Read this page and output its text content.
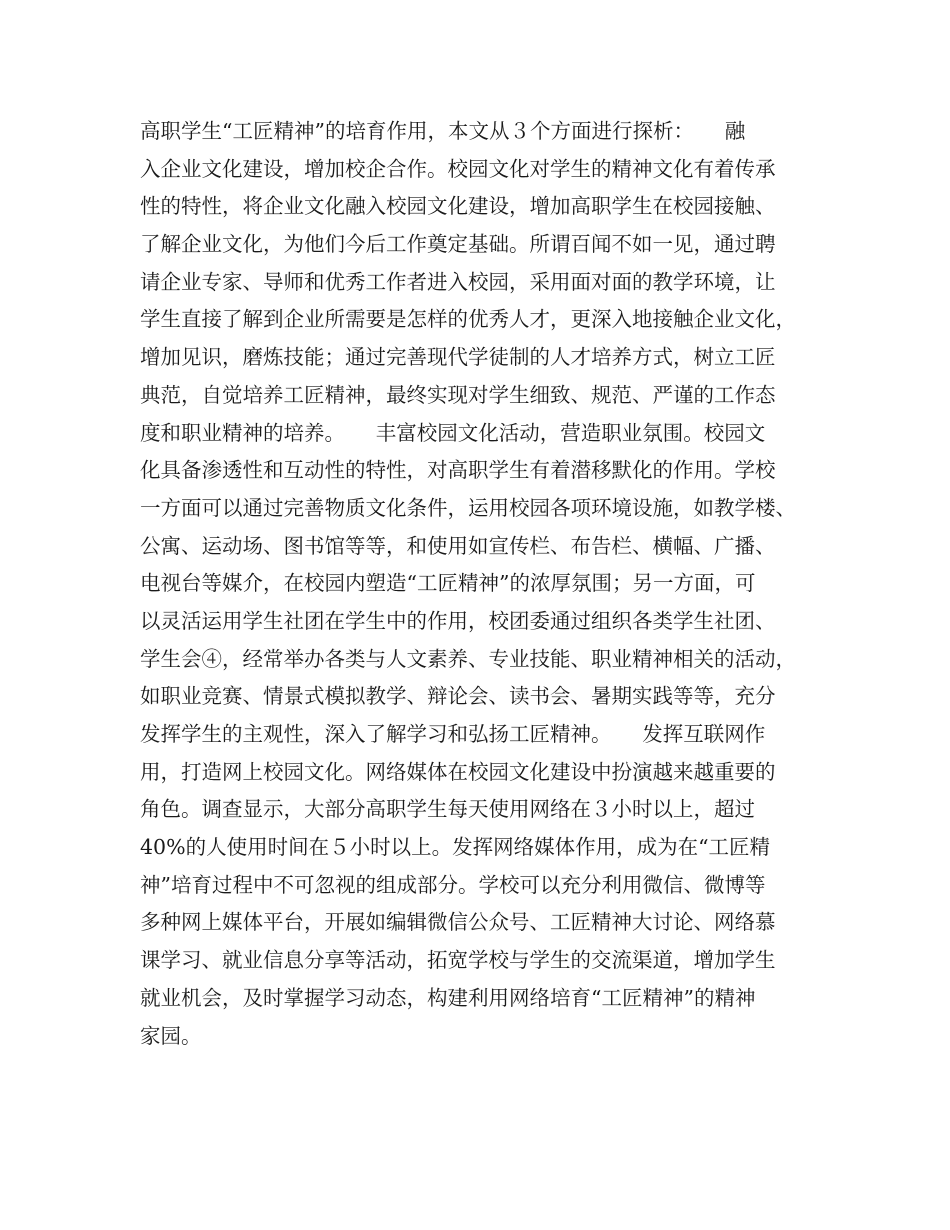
高职学生“工匠精神”的培育作用，本文从３个方面进行探析：　　融
入企业文化建设，增加校企合作。校园文化对学生的精神文化有着传承
性的特性，将企业文化融入校园文化建设，增加高职学生在校园接触、
了解企业文化，为他们今后工作奠定基础。所谓百闻不如一见，通过聘
请企业专家、导师和优秀工作者进入校园，采用面对面的教学环境，让
学生直接了解到企业所需要是怎样的优秀人才，更深入地接触企业文化，
增加见识，磨炼技能；通过完善现代学徒制的人才培养方式，树立工匠
典范，自觉培养工匠精神，最终实现对学生细致、规范、严谨的工作态
度和职业精神的培养。　　丰富校园文化活动，营造职业氛围。校园文
化具备渗透性和互动性的特性，对高职学生有着潜移默化的作用。学校
一方面可以通过完善物质文化条件，运用校园各项环境设施，如教学楼、
公寓、运动场、图书馆等等，和使用如宣传栏、布告栏、横幅、广播、
电视台等媒介，在校园内塑造“工匠精神”的浓厚氛围；另一方面，可
以灵活运用学生社团在学生中的作用，校团委通过组织各类学生社团、
学生会④，经常举办各类与人文素养、专业技能、职业精神相关的活动，
如职业竞赛、情景式模拟教学、辩论会、读书会、暑期实践等等，充分
发挥学生的主观性，深入了解学习和弘扬工匠精神。　　发挥互联网作
用，打造网上校园文化。网络媒体在校园文化建设中扮演越来越重要的
角色。调查显示，大部分高职学生每天使用网络在３小时以上，超过
40%的人使用时间在５小时以上。发挥网络媒体作用，成为在“工匠精
神”培育过程中不可忽视的组成部分。学校可以充分利用微信、微博等
多种网上媒体平台，开展如编辑微信公众号、工匠精神大讨论、网络慕
课学习、就业信息分享等活动，拓宽学校与学生的交流渠道，增加学生
就业机会，及时掌握学习动态，构建利用网络培育“工匠精神”的精神
家园。
